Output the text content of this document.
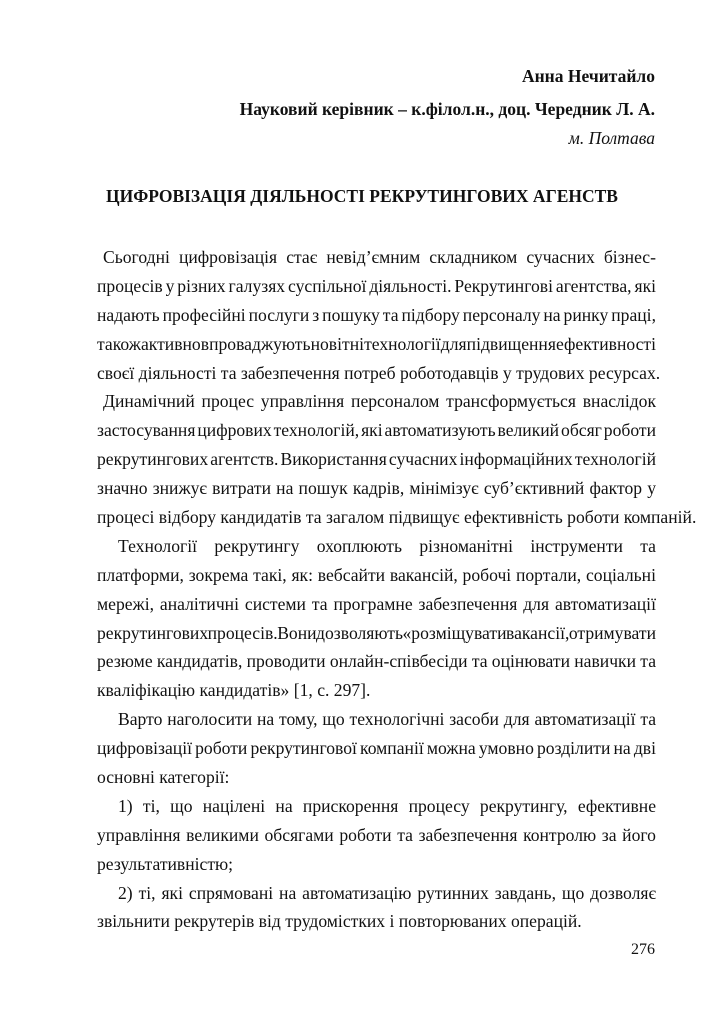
Анна Нечитайло
Науковий керівник – к.філол.н., доц. Чередник Л. А.
м. Полтава
ЦИФРОВІЗАЦІЯ ДІЯЛЬНОСТІ РЕКРУТИНГОВИХ АГЕНСТВ
Сьогодні цифровізація стає невід’ємним складником сучасних бізнес-
процесів у різних галузях суспільної діяльності. Рекрутингові агентства, які
надають професійні послуги з пошуку та підбору персоналу на ринку праці,
також активно впроваджують новітні технології для підвищення ефективності
своєї діяльності та забезпечення потреб роботодавців у трудових ресурсах.
Динамічний процес управління персоналом трансформується внаслідок
застосування цифрових технологій, які автоматизують великий обсяг роботи
рекрутингових агентств. Використання сучасних інформаційних технологій
значно знижує витрати на пошук кадрів, мінімізує суб’єктивний фактор у
процесі відбору кандидатів та загалом підвищує ефективність роботи компаній.
Технології рекрутингу охоплюють різноманітні інструменти та
платформи, зокрема такі, як: вебсайти вакансій, робочі портали, соціальні
мережі, аналітичні системи та програмне забезпечення для автоматизації
рекрутингових процесів. Вони дозволяють «розміщувати вакансії, отримувати
резюме кандидатів, проводити онлайн-співбесіди та оцінювати навички та
кваліфікацію кандидатів» [1, с. 297].
Варто наголосити на тому, що технологічні засоби для автоматизації та
цифровізації роботи рекрутингової компанії можна умовно розділити на дві
основні категорії:
1) ті, що націлені на прискорення процесу рекрутингу, ефективне
управління великими обсягами роботи та забезпечення контролю за його
результативністю;
2) ті, які спрямовані на автоматизацію рутинних завдань, що дозволяє
звільнити рекрутерів від трудомістких і повторюваних операцій.
276
